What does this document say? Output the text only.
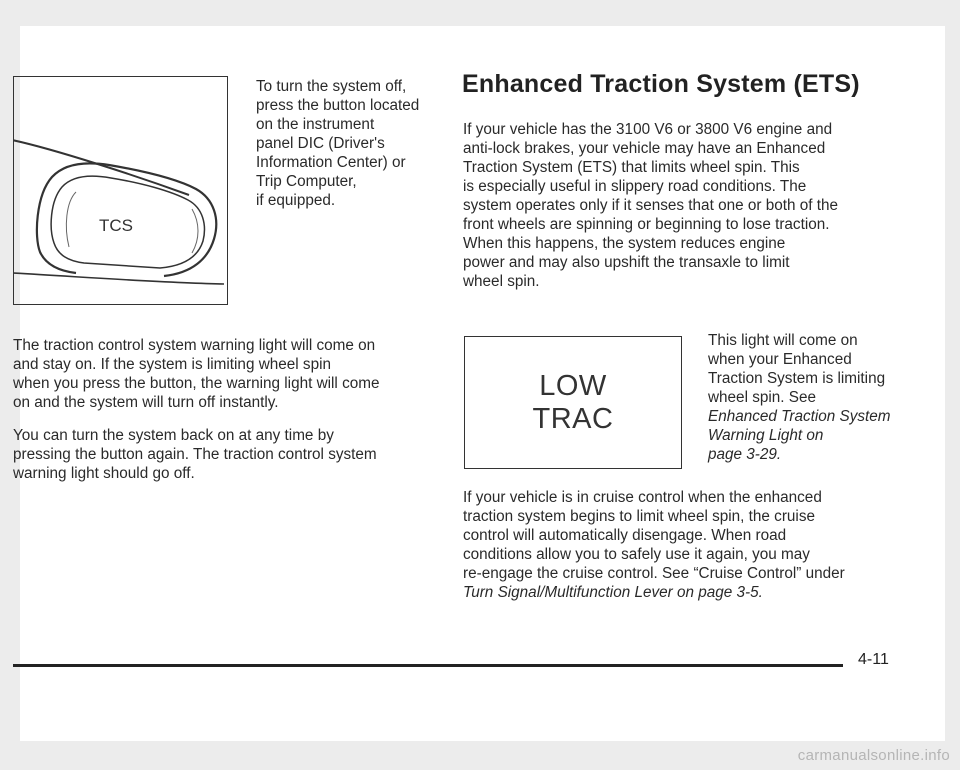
TCS
To turn the system off,
press the button located
on the instrument
panel DIC (Driver's
Information Center) or
Trip Computer,
if equipped.
The traction control system warning light will come on
and stay on. If the system is limiting wheel spin
when you press the button, the warning light will come
on and the system will turn off instantly.
You can turn the system back on at any time by
pressing the button again. The traction control system
warning light should go off.
Enhanced Traction System (ETS)
If your vehicle has the 3100 V6 or 3800 V6 engine and
anti-lock brakes, your vehicle may have an Enhanced
Traction System (ETS) that limits wheel spin. This
is especially useful in slippery road conditions. The
system operates only if it senses that one or both of the
front wheels are spinning or beginning to lose traction.
When this happens, the system reduces engine
power and may also upshift the transaxle to limit
wheel spin.
LOW
TRAC
This light will come on
when your Enhanced
Traction System is limiting
wheel spin. See
Enhanced Traction System
Warning Light on
page 3-29.
If your vehicle is in cruise control when the enhanced
traction system begins to limit wheel spin, the cruise
control will automatically disengage. When road
conditions allow you to safely use it again, you may
re-engage the cruise control. See “Cruise Control” under
Turn Signal/Multifunction Lever on page 3-5.
4-11
carmanualsonline.info
